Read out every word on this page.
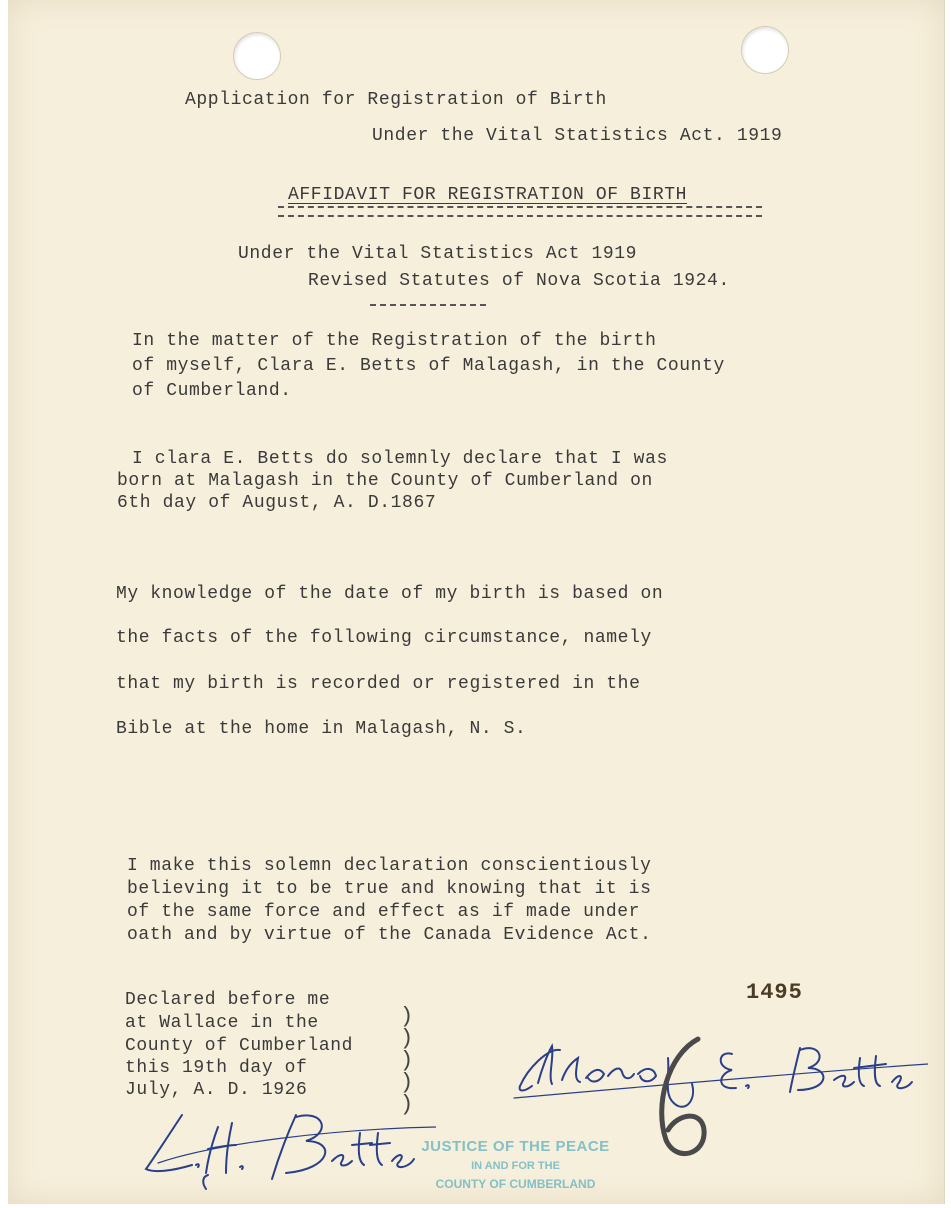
Application for Registration of Birth

Under the Vital Statistics Act. 1919

AFFIDAVIT FOR REGISTRATION OF BIRTH

Under the Vital Statistics Act 1919

Revised Statutes of Nova Scotia 1924.

In the matter of the Registration of the birth

of myself, Clara E. Betts of Malagash, in the County

of Cumberland.

I clara E. Betts do solemnly declare that I was

born at Malagash in the County of Cumberland on

6th day of August, A. D.1867

My knowledge of the date of my birth is based on

the facts of the following circumstance, namely

that my birth is recorded or registered in the

Bible at the home in Malagash, N. S.

I make this solemn declaration conscientiously

believing it to be true and knowing that it is

of the same force and effect as if made under

oath and by virtue of the Canada Evidence Act.

Declared before me

at Wallace in the

County of Cumberland

this 19th day of

July, A. D. 1926

)
)
)
)
)

1495

JUSTICE OF THE PEACE
IN AND FOR THE
COUNTY OF CUMBERLAND
